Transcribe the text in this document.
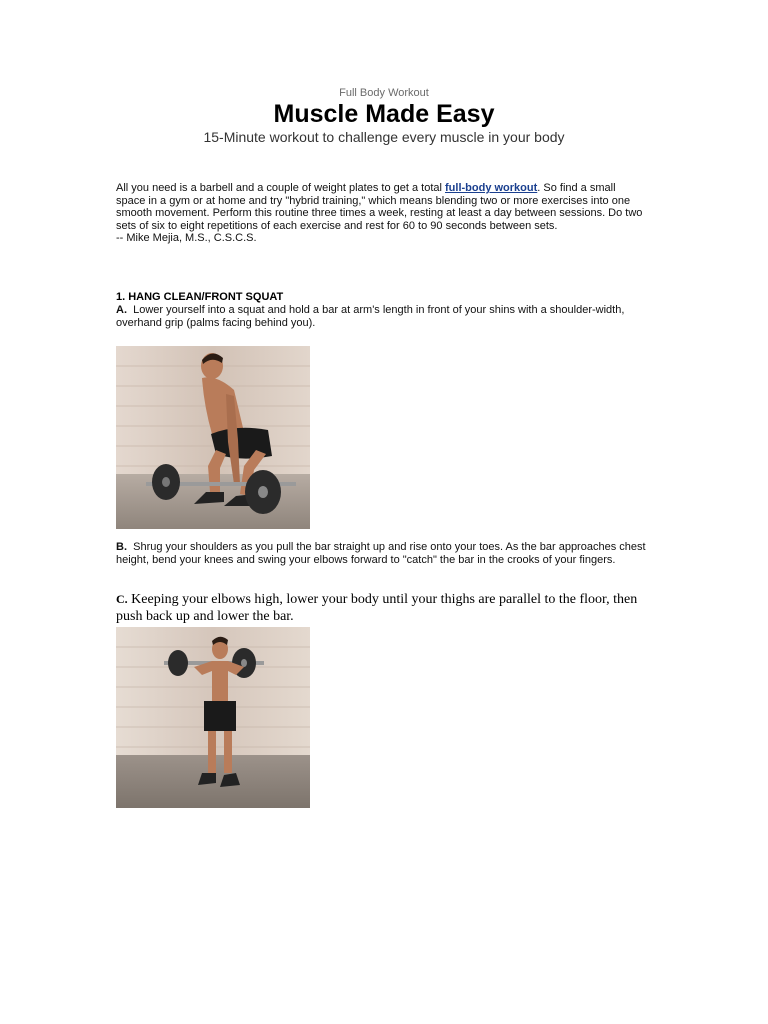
Full Body Workout
Muscle Made Easy
15-Minute workout to challenge every muscle in your body
All you need is a barbell and a couple of weight plates to get a total full-body workout. So find a small space in a gym or at home and try "hybrid training," which means blending two or more exercises into one smooth movement. Perform this routine three times a week, resting at least a day between sessions. Do two sets of six to eight repetitions of each exercise and rest for 60 to 90 seconds between sets.
-- Mike Mejia, M.S., C.S.C.S.
1. HANG CLEAN/FRONT SQUAT
A. Lower yourself into a squat and hold a bar at arm's length in front of your shins with a shoulder-width, overhand grip (palms facing behind you).
B. Shrug your shoulders as you pull the bar straight up and rise onto your toes. As the bar approaches chest height, bend your knees and swing your elbows forward to "catch" the bar in the crooks of your fingers.
C. Keeping your elbows high, lower your body until your thighs are parallel to the floor, then push back up and lower the bar.
